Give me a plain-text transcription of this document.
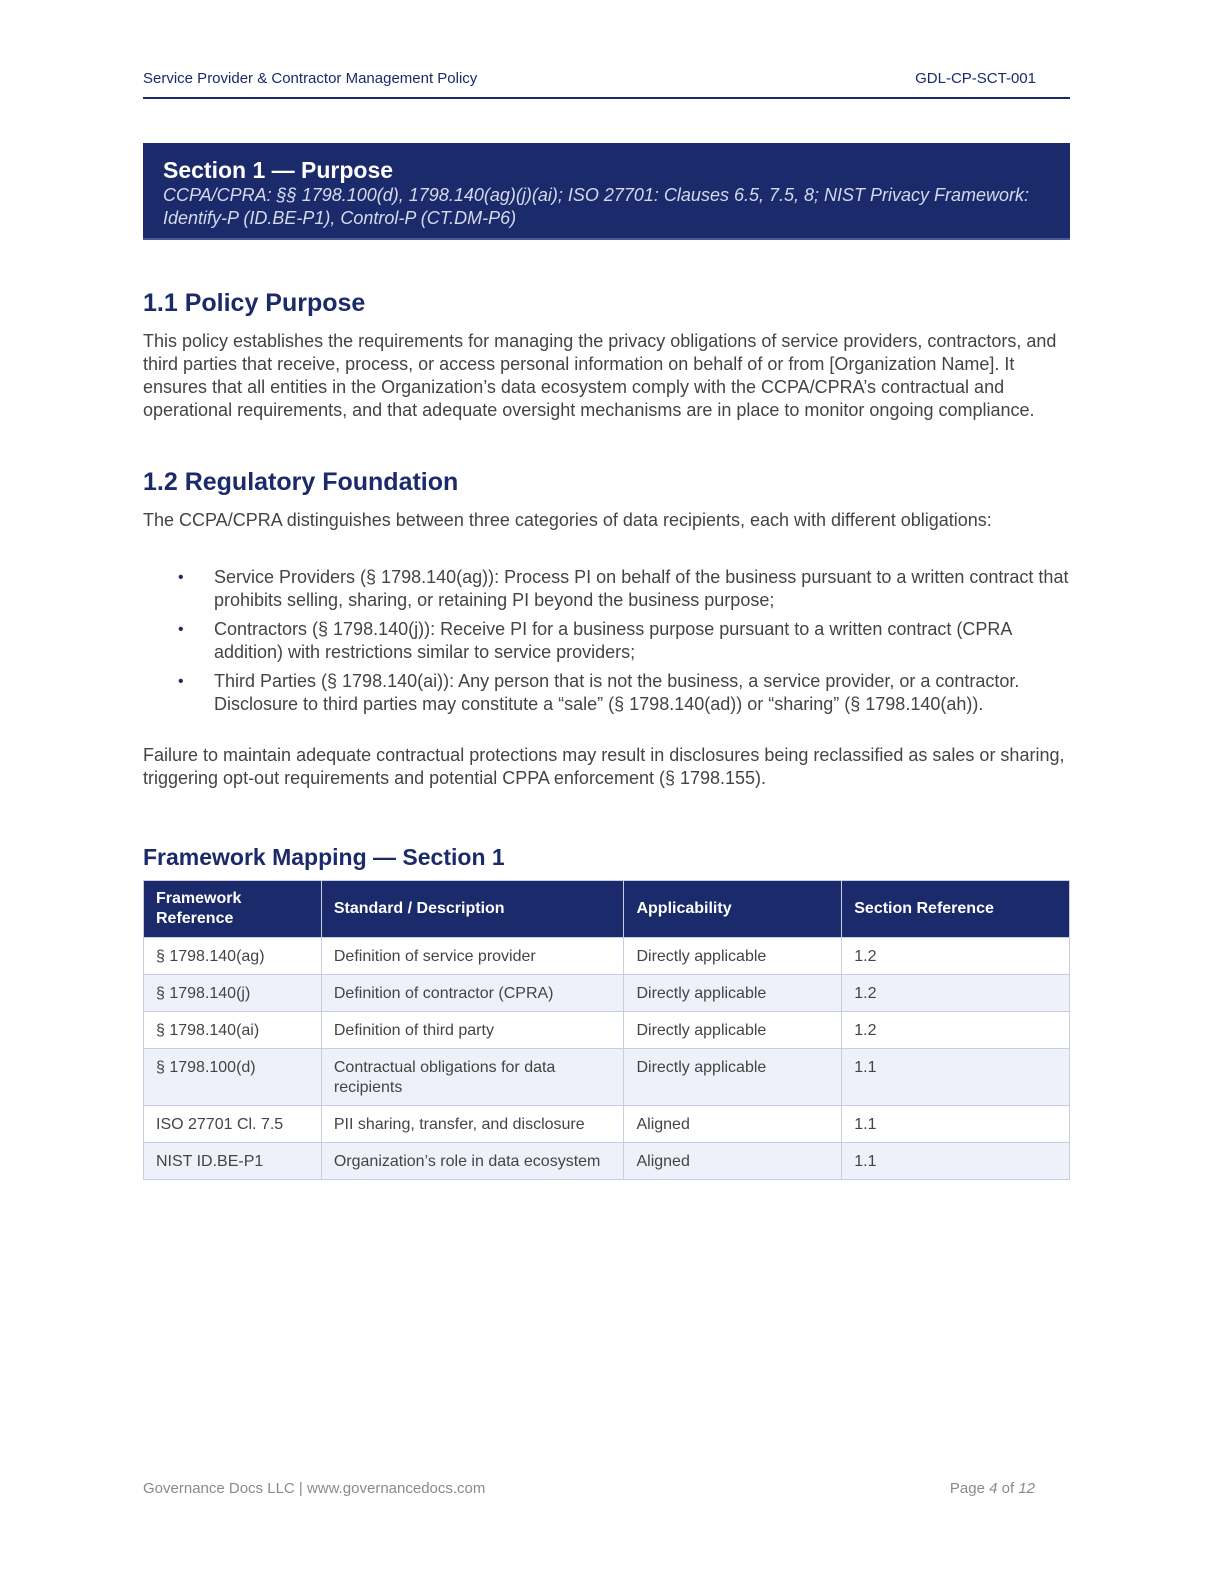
Service Provider & Contractor Management Policy	GDL-CP-SCT-001
Section 1 — Purpose
CCPA/CPRA: §§ 1798.100(d), 1798.140(ag)(j)(ai); ISO 27701: Clauses 6.5, 7.5, 8; NIST Privacy Framework: Identify-P (ID.BE-P1), Control-P (CT.DM-P6)
1.1 Policy Purpose

This policy establishes the requirements for managing the privacy obligations of service providers, contractors, and third parties that receive, process, or access personal information on behalf of or from [Organization Name]. It ensures that all entities in the Organization’s data ecosystem comply with the CCPA/CPRA’s contractual and operational requirements, and that adequate oversight mechanisms are in place to monitor ongoing compliance.

1.2 Regulatory Foundation

The CCPA/CPRA distinguishes between three categories of data recipients, each with different obligations:

• Service Providers (§ 1798.140(ag)): Process PI on behalf of the business pursuant to a written contract that prohibits selling, sharing, or retaining PI beyond the business purpose;
• Contractors (§ 1798.140(j)): Receive PI for a business purpose pursuant to a written contract (CPRA addition) with restrictions similar to service providers;
• Third Parties (§ 1798.140(ai)): Any person that is not the business, a service provider, or a contractor. Disclosure to third parties may constitute a “sale” (§ 1798.140(ad)) or “sharing” (§ 1798.140(ah)).

Failure to maintain adequate contractual protections may result in disclosures being reclassified as sales or sharing, triggering opt-out requirements and potential CPPA enforcement (§ 1798.155).

Framework Mapping — Section 1
Framework Reference	Standard / Description	Applicability	Section Reference
§ 1798.140(ag)	Definition of service provider	Directly applicable	1.2
§ 1798.140(j)	Definition of contractor (CPRA)	Directly applicable	1.2
§ 1798.140(ai)	Definition of third party	Directly applicable	1.2
§ 1798.100(d)	Contractual obligations for data recipients	Directly applicable	1.1
ISO 27701 Cl. 7.5	PII sharing, transfer, and disclosure	Aligned	1.1
NIST ID.BE-P1	Organization’s role in data ecosystem	Aligned	1.1
Governance Docs LLC | www.governancedocs.com	Page 4 of 12
